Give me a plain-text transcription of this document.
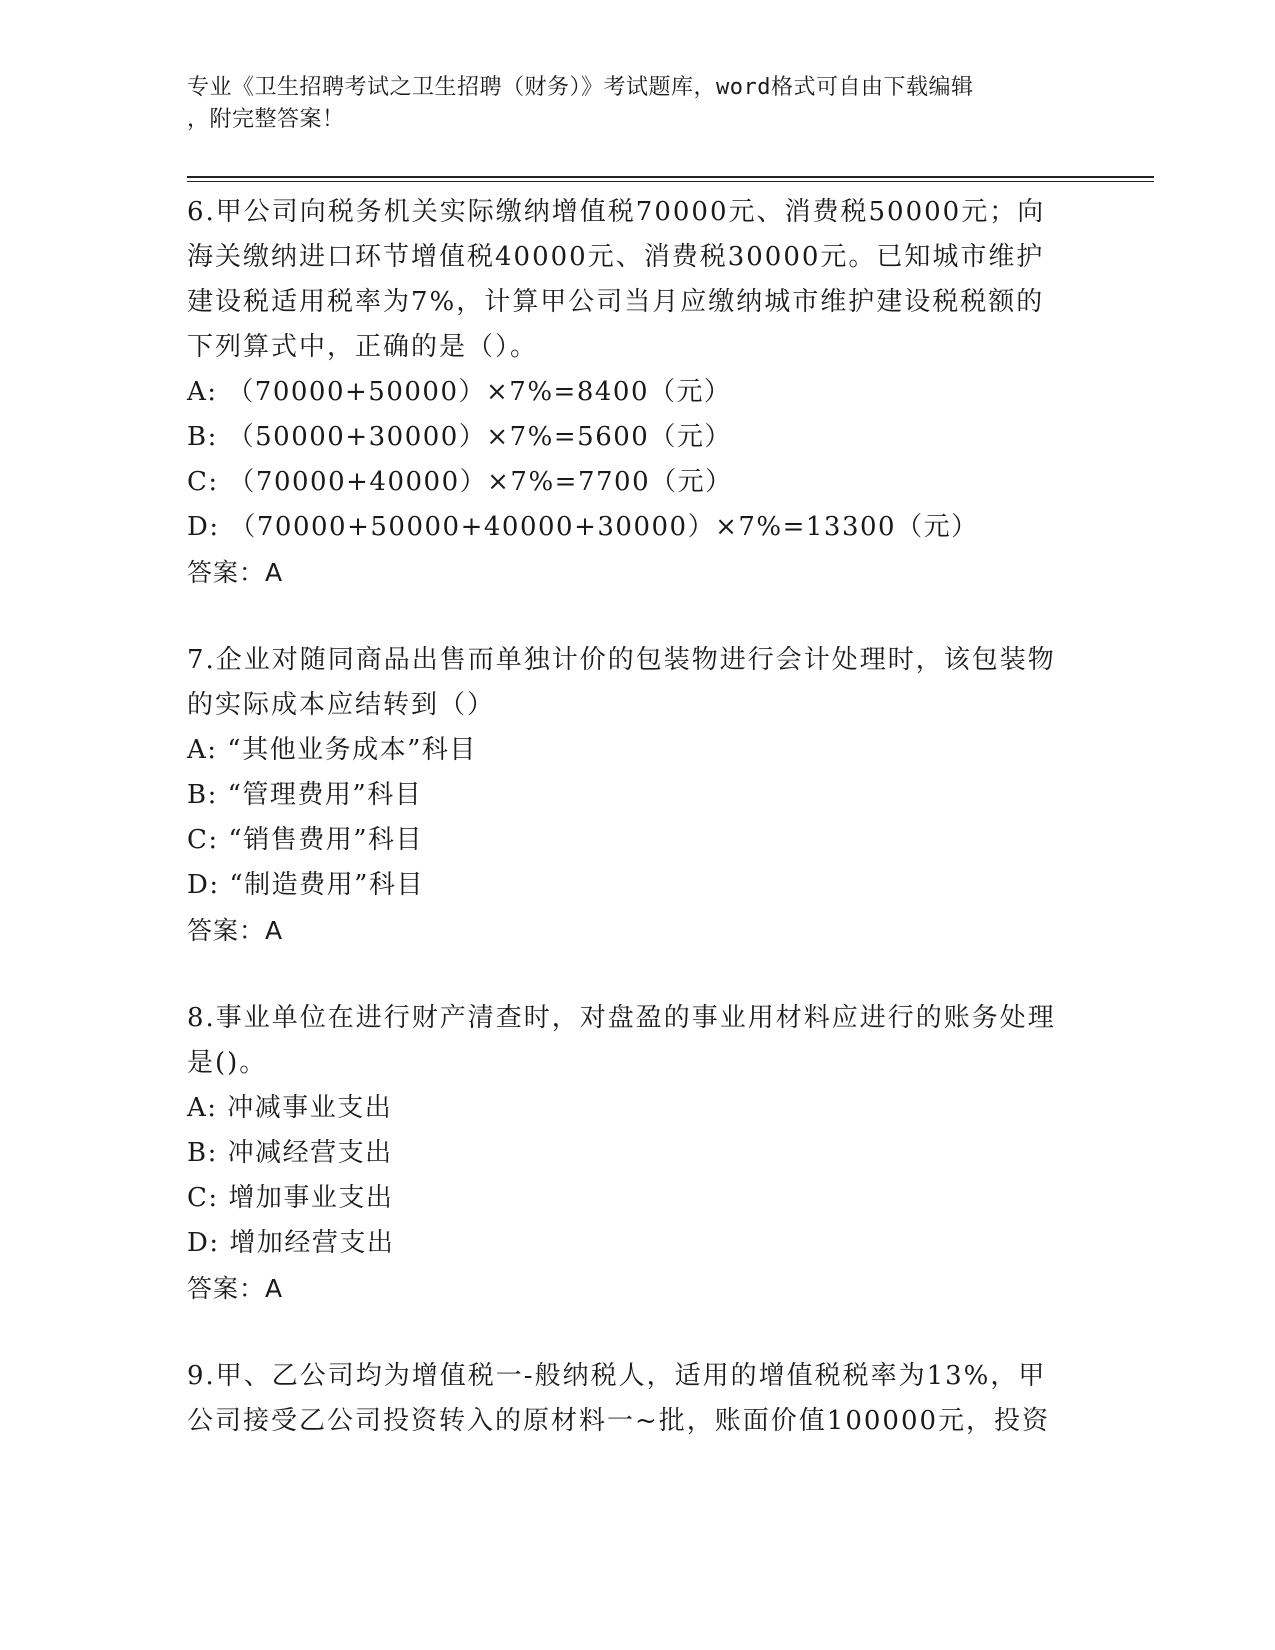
专业《卫生招聘考试之卫生招聘（财务）》考试题库，word格式可自由下载编辑
，附完整答案！
6.甲公司向税务机关实际缴纳增值税70000元、消费税50000元；向海关缴纳进口环节增值税40000元、消费税30000元。已知城市维护建设税适用税率为7%，计算甲公司当月应缴纳城市维护建设税税额的下列算式中，正确的是（）。
A: （70000+50000）×7%=8400（元）
B: （50000+30000）×7%=5600（元）
C: （70000+40000）×7%=7700（元）
D: （70000+50000+40000+30000）×7%=13300（元）
答案：A
7.企业对随同商品出售而单独计价的包装物进行会计处理时，该包装物的实际成本应结转到（）
A: “其他业务成本”科目
B: “管理费用”科目
C: “销售费用”科目
D: “制造费用”科目
答案：A
8.事业单位在进行财产清查时，对盘盈的事业用材料应进行的账务处理是()。
A: 冲减事业支出
B: 冲减经营支出
C: 增加事业支出
D: 增加经营支出
答案：A
9.甲、乙公司均为增值税一-般纳税人，适用的增值税税率为13%，甲公司接受乙公司投资转入的原材料一~批，账面价值100000元，投资
